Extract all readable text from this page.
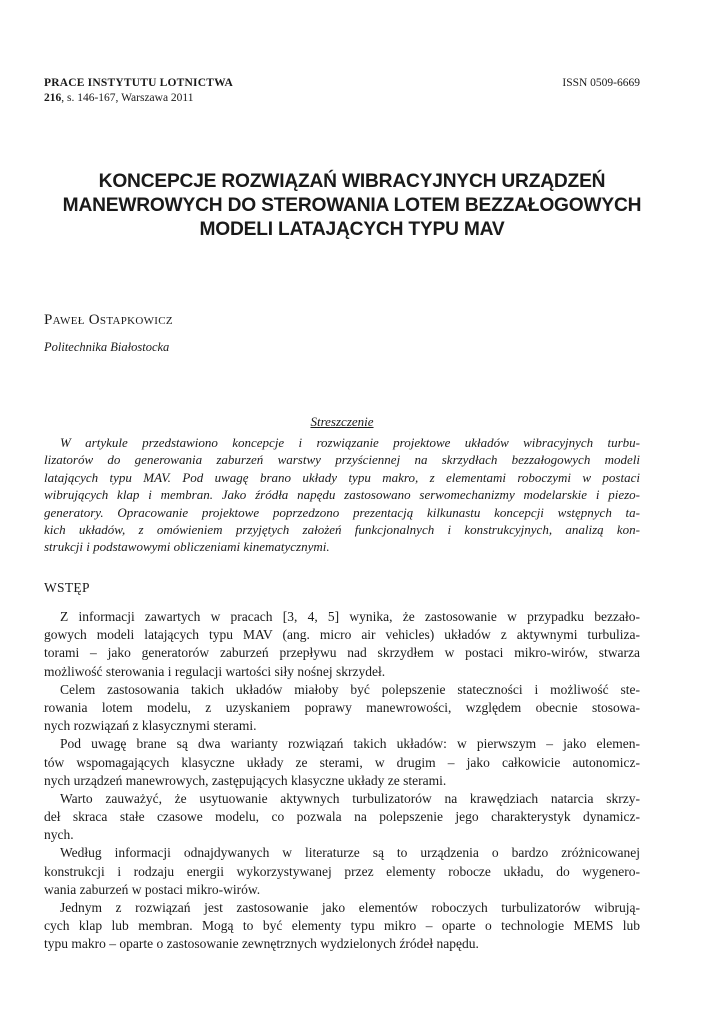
PRACE INSTYTUTU LOTNICTWA
216, s. 146-167, Warszawa 2011
ISSN 0509-6669
KONCEPCJE ROZWIĄZAŃ WIBRACYJNYCH URZĄDZEŃ
MANEWROWYCH DO STEROWANIA LOTEM BEZZAŁOGOWYCH
MODELI LATAJĄCYCH TYPU MAV
Paweł Ostapkowicz
Politechnika Białostocka
Streszczenie
W artykule przedstawiono koncepcje i rozwiązanie projektowe układów wibracyjnych turbu-
lizatorów do generowania zaburzeń warstwy przyściennej na skrzydłach bezzałogowych modeli
latających typu MAV. Pod uwagę brano układy typu makro, z elementami roboczymi w postaci
wibrujących klap i membran. Jako źródła napędu zastosowano serwomechanizmy modelarskie i piezo-
generatory. Opracowanie projektowe poprzedzono prezentacją kilkunastu koncepcji wstępnych ta-
kich układów, z omówieniem przyjętych założeń funkcjonalnych i konstrukcyjnych, analizą kon-
strukcji i podstawowymi obliczeniami kinematycznymi.
WSTĘP
Z informacji zawartych w pracach [3, 4, 5] wynika, że zastosowanie w przypadku bezzało-
gowych modeli latających typu MAV (ang. micro air vehicles) układów z aktywnymi turbuliza-
torami – jako generatorów zaburzeń przepływu nad skrzydłem w postaci mikro-wirów, stwarza
możliwość sterowania i regulacji wartości siły nośnej skrzydeł.
Celem zastosowania takich układów miałoby być polepszenie stateczności i możliwość ste-
rowania lotem modelu, z uzyskaniem poprawy manewrowości, względem obecnie stosowa-
nych rozwiązań z klasycznymi sterami.
Pod uwagę brane są dwa warianty rozwiązań takich układów: w pierwszym – jako elemen-
tów wspomagających klasyczne układy ze sterami, w drugim – jako całkowicie autonomicz-
nych urządzeń manewrowych, zastępujących klasyczne układy ze sterami.
Warto zauważyć, że usytuowanie aktywnych turbulizatorów na krawędziach natarcia skrzy-
deł skraca stałe czasowe modelu, co pozwala na polepszenie jego charakterystyk dynamicz-
nych.
Według informacji odnajdywanych w literaturze są to urządzenia o bardzo zróżnicowanej
konstrukcji i rodzaju energii wykorzystywanej przez elementy robocze układu, do wygenero-
wania zaburzeń w postaci mikro-wirów.
Jednym z rozwiązań jest zastosowanie jako elementów roboczych turbulizatorów wibrują-
cych klap lub membran. Mogą to być elementy typu mikro – oparte o technologie MEMS lub
typu makro – oparte o zastosowanie zewnętrznych wydzielonych źródeł napędu.
